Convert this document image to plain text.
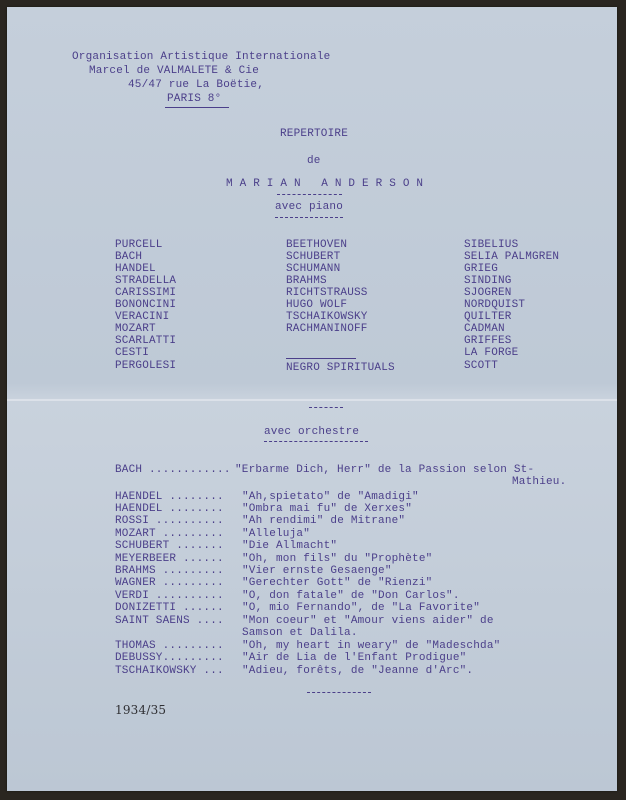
Organisation Artistique Internationale
Marcel de VALMALETE & Cie
45/47 rue La Boëtie,
PARIS 8°
REPERTOIRE
de
M A R I A N   A N D E R S O N
avec piano
PURCELL
BACH
HANDEL
STRADELLA
CARISSIMI
BONONCINI
VERACINI
MOZART
SCARLATTI
CESTI
PERGOLESI
BEETHOVEN
SCHUBERT
SCHUMANN
BRAHMS
RICHTSTRAUSS
HUGO WOLF
TSCHAIKOWSKY
RACHMANINOFF
NEGRO SPIRITUALS
SIBELIUS
SELIA PALMGREN
GRIEG
SINDING
SJOGREN
NORDQUIST
QUILTER
CADMAN
GRIFFES
LA FORGE
SCOTT
avec orchestre
BACH ............ "Erbarme Dich, Herr" de la Passion selon St-
Mathieu.
HAENDEL ........ "Ah,spietato" de "Amadigi"
HAENDEL ........ "Ombra mai fu" de Xerxes"
ROSSI .......... "Ah rendimi" de Mitrane"
MOZART ......... "Alleluja"
SCHUBERT ....... "Die Allmacht"
MEYERBEER ...... "Oh, mon fils" du "Prophète"
BRAHMS ......... "Vier ernste Gesaenge"
WAGNER ......... "Gerechter Gott" de "Rienzi"
VERDI .......... "O, don fatale" de "Don Carlos".
DONIZETTI ...... "O, mio Fernando", de "La Favorite"
SAINT SAENS .... "Mon coeur" et "Amour viens aider" de
Samson et Dalila.
THOMAS ......... "Oh, my heart in weary" de "Madeschda"
DEBUSSY......... "Air de Lia de l'Enfant Prodigue"
TSCHAIKOWSKY ... "Adieu, forêts, de "Jeanne d'Arc".
1934/35
